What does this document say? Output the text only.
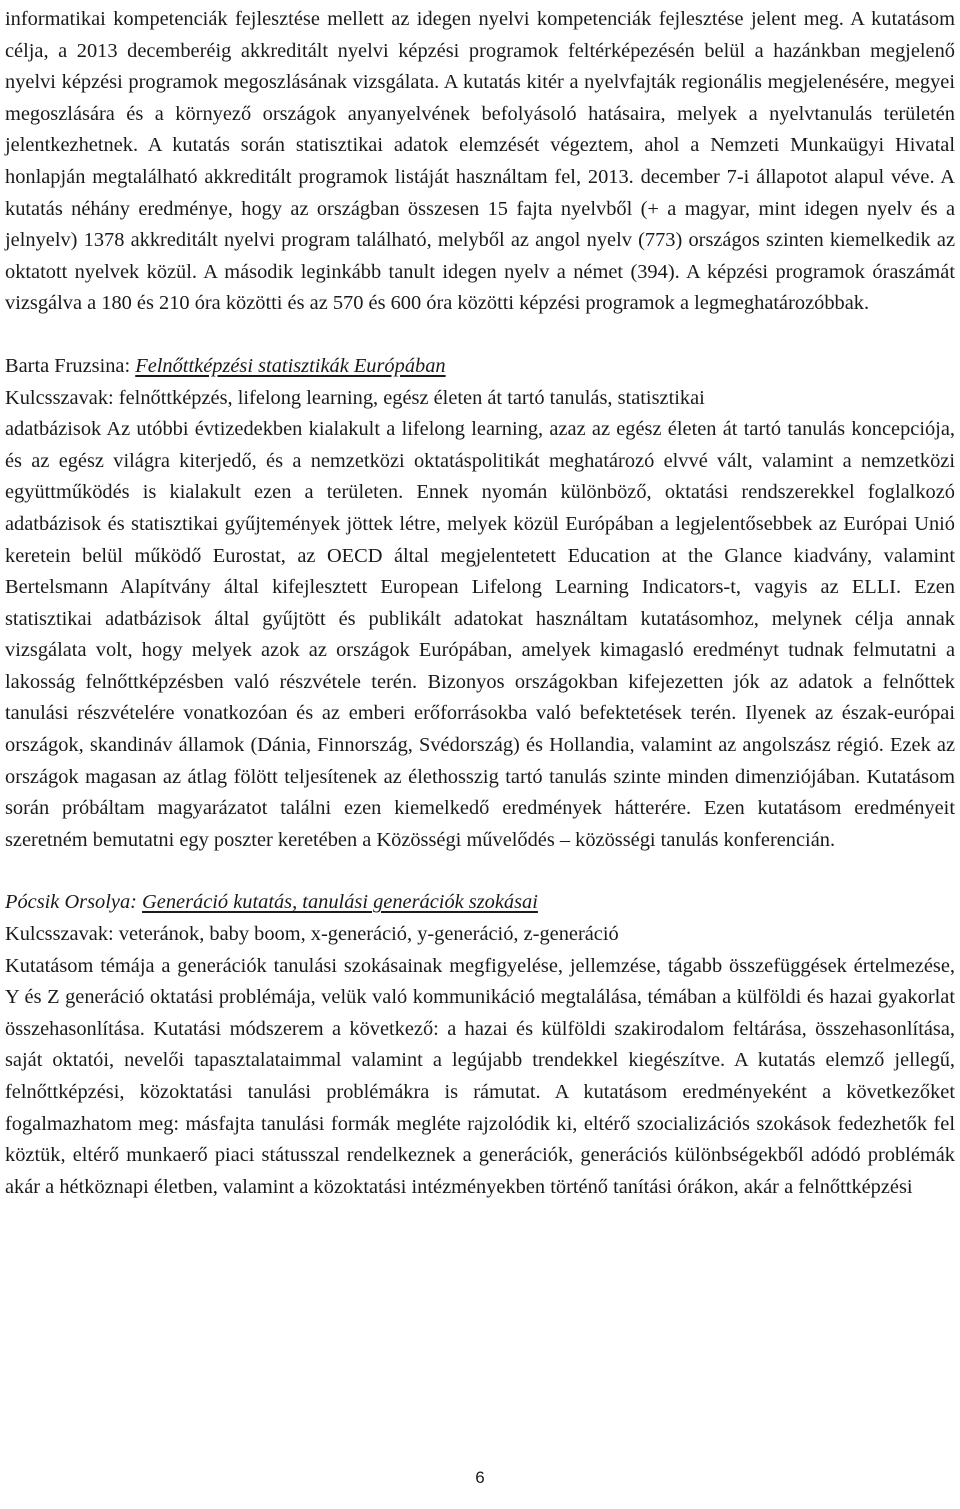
informatikai kompetenciák fejlesztése mellett az idegen nyelvi kompetenciák fejlesztése jelent meg. A kutatásom célja, a 2013 decemberéig akkreditált nyelvi képzési programok feltérképezésén belül a hazánkban megjelenő nyelvi képzési programok megoszlásának vizsgálata. A kutatás kitér a nyelvfajták regionális megjelenésére, megyei megoszlására és a környező országok anyanyelvének befolyásoló hatásaira, melyek a nyelvtanulás területén jelentkezhetnek. A kutatás során statisztikai adatok elemzését végeztem, ahol a Nemzeti Munkaügyi Hivatal honlapján megtalálható akkreditált programok listáját használtam fel, 2013. december 7-i állapotot alapul véve. A kutatás néhány eredménye, hogy az országban összesen 15 fajta nyelvből (+ a magyar, mint idegen nyelv és a jelnyelv) 1378 akkreditált nyelvi program található, melyből az angol nyelv (773) országos szinten kiemelkedik az oktatott nyelvek közül. A második leginkább tanult idegen nyelv a német (394). A képzési programok óraszámát vizsgálva a 180 és 210 óra közötti és az 570 és 600 óra közötti képzési programok a legmeghatározóbbak.

Barta Fruzsina: Felnőttképzési statisztikák Európában

Kulcsszavak: felnőttképzés, lifelong learning, egész életen át tartó tanulás, statisztikai

adatbázisok Az utóbbi évtizedekben kialakult a lifelong learning, azaz az egész életen át tartó tanulás koncepciója, és az egész világra kiterjedő, és a nemzetközi oktatáspolitikát meghatározó elvvé vált, valamint a nemzetközi együttműködés is kialakult ezen a területen. Ennek nyomán különböző, oktatási rendszerekkel foglalkozó adatbázisok és statisztikai gyűjtemények jöttek létre, melyek közül Európában a legjelentősebbek az Európai Unió keretein belül működő Eurostat, az OECD által megjelentetett Education at the Glance kiadvány, valamint Bertelsmann Alapítvány által kifejlesztett European Lifelong Learning Indicators-t, vagyis az ELLI. Ezen statisztikai adatbázisok által gyűjtött és publikált adatokat használtam kutatásomhoz, melynek célja annak vizsgálata volt, hogy melyek azok az országok Európában, amelyek kimagasló eredményt tudnak felmutatni a lakosság felnőttképzésben való részvétele terén. Bizonyos országokban kifejezetten jók az adatok a felnőttek tanulási részvételére vonatkozóan és az emberi erőforrásokba való befektetések terén. Ilyenek az észak-európai országok, skandináv államok (Dánia, Finnország, Svédország) és Hollandia, valamint az angolszász régió. Ezek az országok magasan az átlag fölött teljesítenek az élethosszig tartó tanulás szinte minden dimenziójában. Kutatásom során próbáltam magyarázatot találni ezen kiemelkedő eredmények hátterére. Ezen kutatásom eredményeit szeretném bemutatni egy poszter keretében a Közösségi művelődés – közösségi tanulás konferencián.

Pócsik Orsolya: Generáció kutatás, tanulási generációk szokásai

Kulcsszavak: veteránok, baby boom, x-generáció, y-generáció, z-generáció

Kutatásom témája a generációk tanulási szokásainak megfigyelése, jellemzése, tágabb összefüggések értelmezése, Y és Z generáció oktatási problémája, velük való kommunikáció megtalálása, témában a külföldi és hazai gyakorlat összehasonlítása. Kutatási módszerem a következő: a hazai és külföldi szakirodalom feltárása, összehasonlítása, saját oktatói, nevelői tapasztalataimmal valamint a legújabb trendekkel kiegészítve. A kutatás elemző jellegű, felnőttképzési, közoktatási tanulási problémákra is rámutat. A kutatásom eredményeként a következőket fogalmazhatom meg: másfajta tanulási formák megléte rajzolódik ki, eltérő szocializációs szokások fedezhetők fel köztük, eltérő munkaerő piaci státusszal rendelkeznek a generációk, generációs különbségekből adódó problémák akár a hétköznapi életben, valamint a közoktatási intézményekben történő tanítási órákon, akár a felnőttképzési

6
